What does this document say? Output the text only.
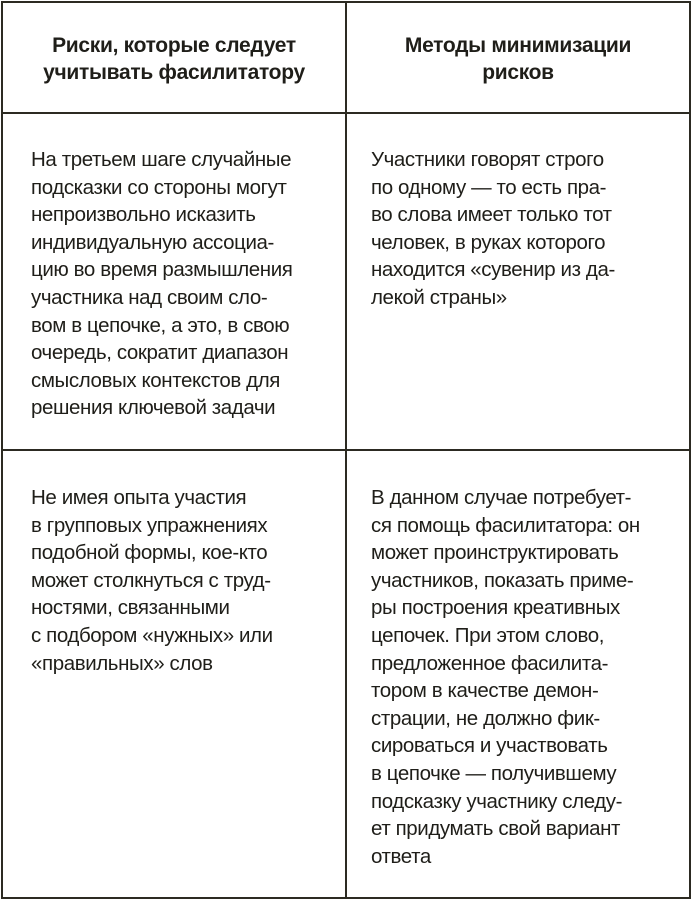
Риски, которые следует
учитывать фасилитатору
Методы минимизации
рисков
На третьем шаге случайные
подсказки со стороны могут
непроизвольно исказить
индивидуальную ассоциа-
цию во время размышления
участника над своим сло-
вом в цепочке, а это, в свою
очередь, сократит диапазон
смысловых контекстов для
решения ключевой задачи
Участники говорят строго
по одному — то есть пра-
во слова имеет только тот
человек, в руках которого
находится «сувенир из да-
лекой страны»
Не имея опыта участия
в групповых упражнениях
подобной формы, кое-кто
может столкнуться с труд-
ностями, связанными
с подбором «нужных» или
«правильных» слов
В данном случае потребует-
ся помощь фасилитатора: он
может проинструктировать
участников, показать приме-
ры построения креативных
цепочек. При этом слово,
предложенное фасилита-
тором в качестве демон-
страции, не должно фик-
сироваться и участвовать
в цепочке — получившему
подсказку участнику следу-
ет придумать свой вариант
ответа
